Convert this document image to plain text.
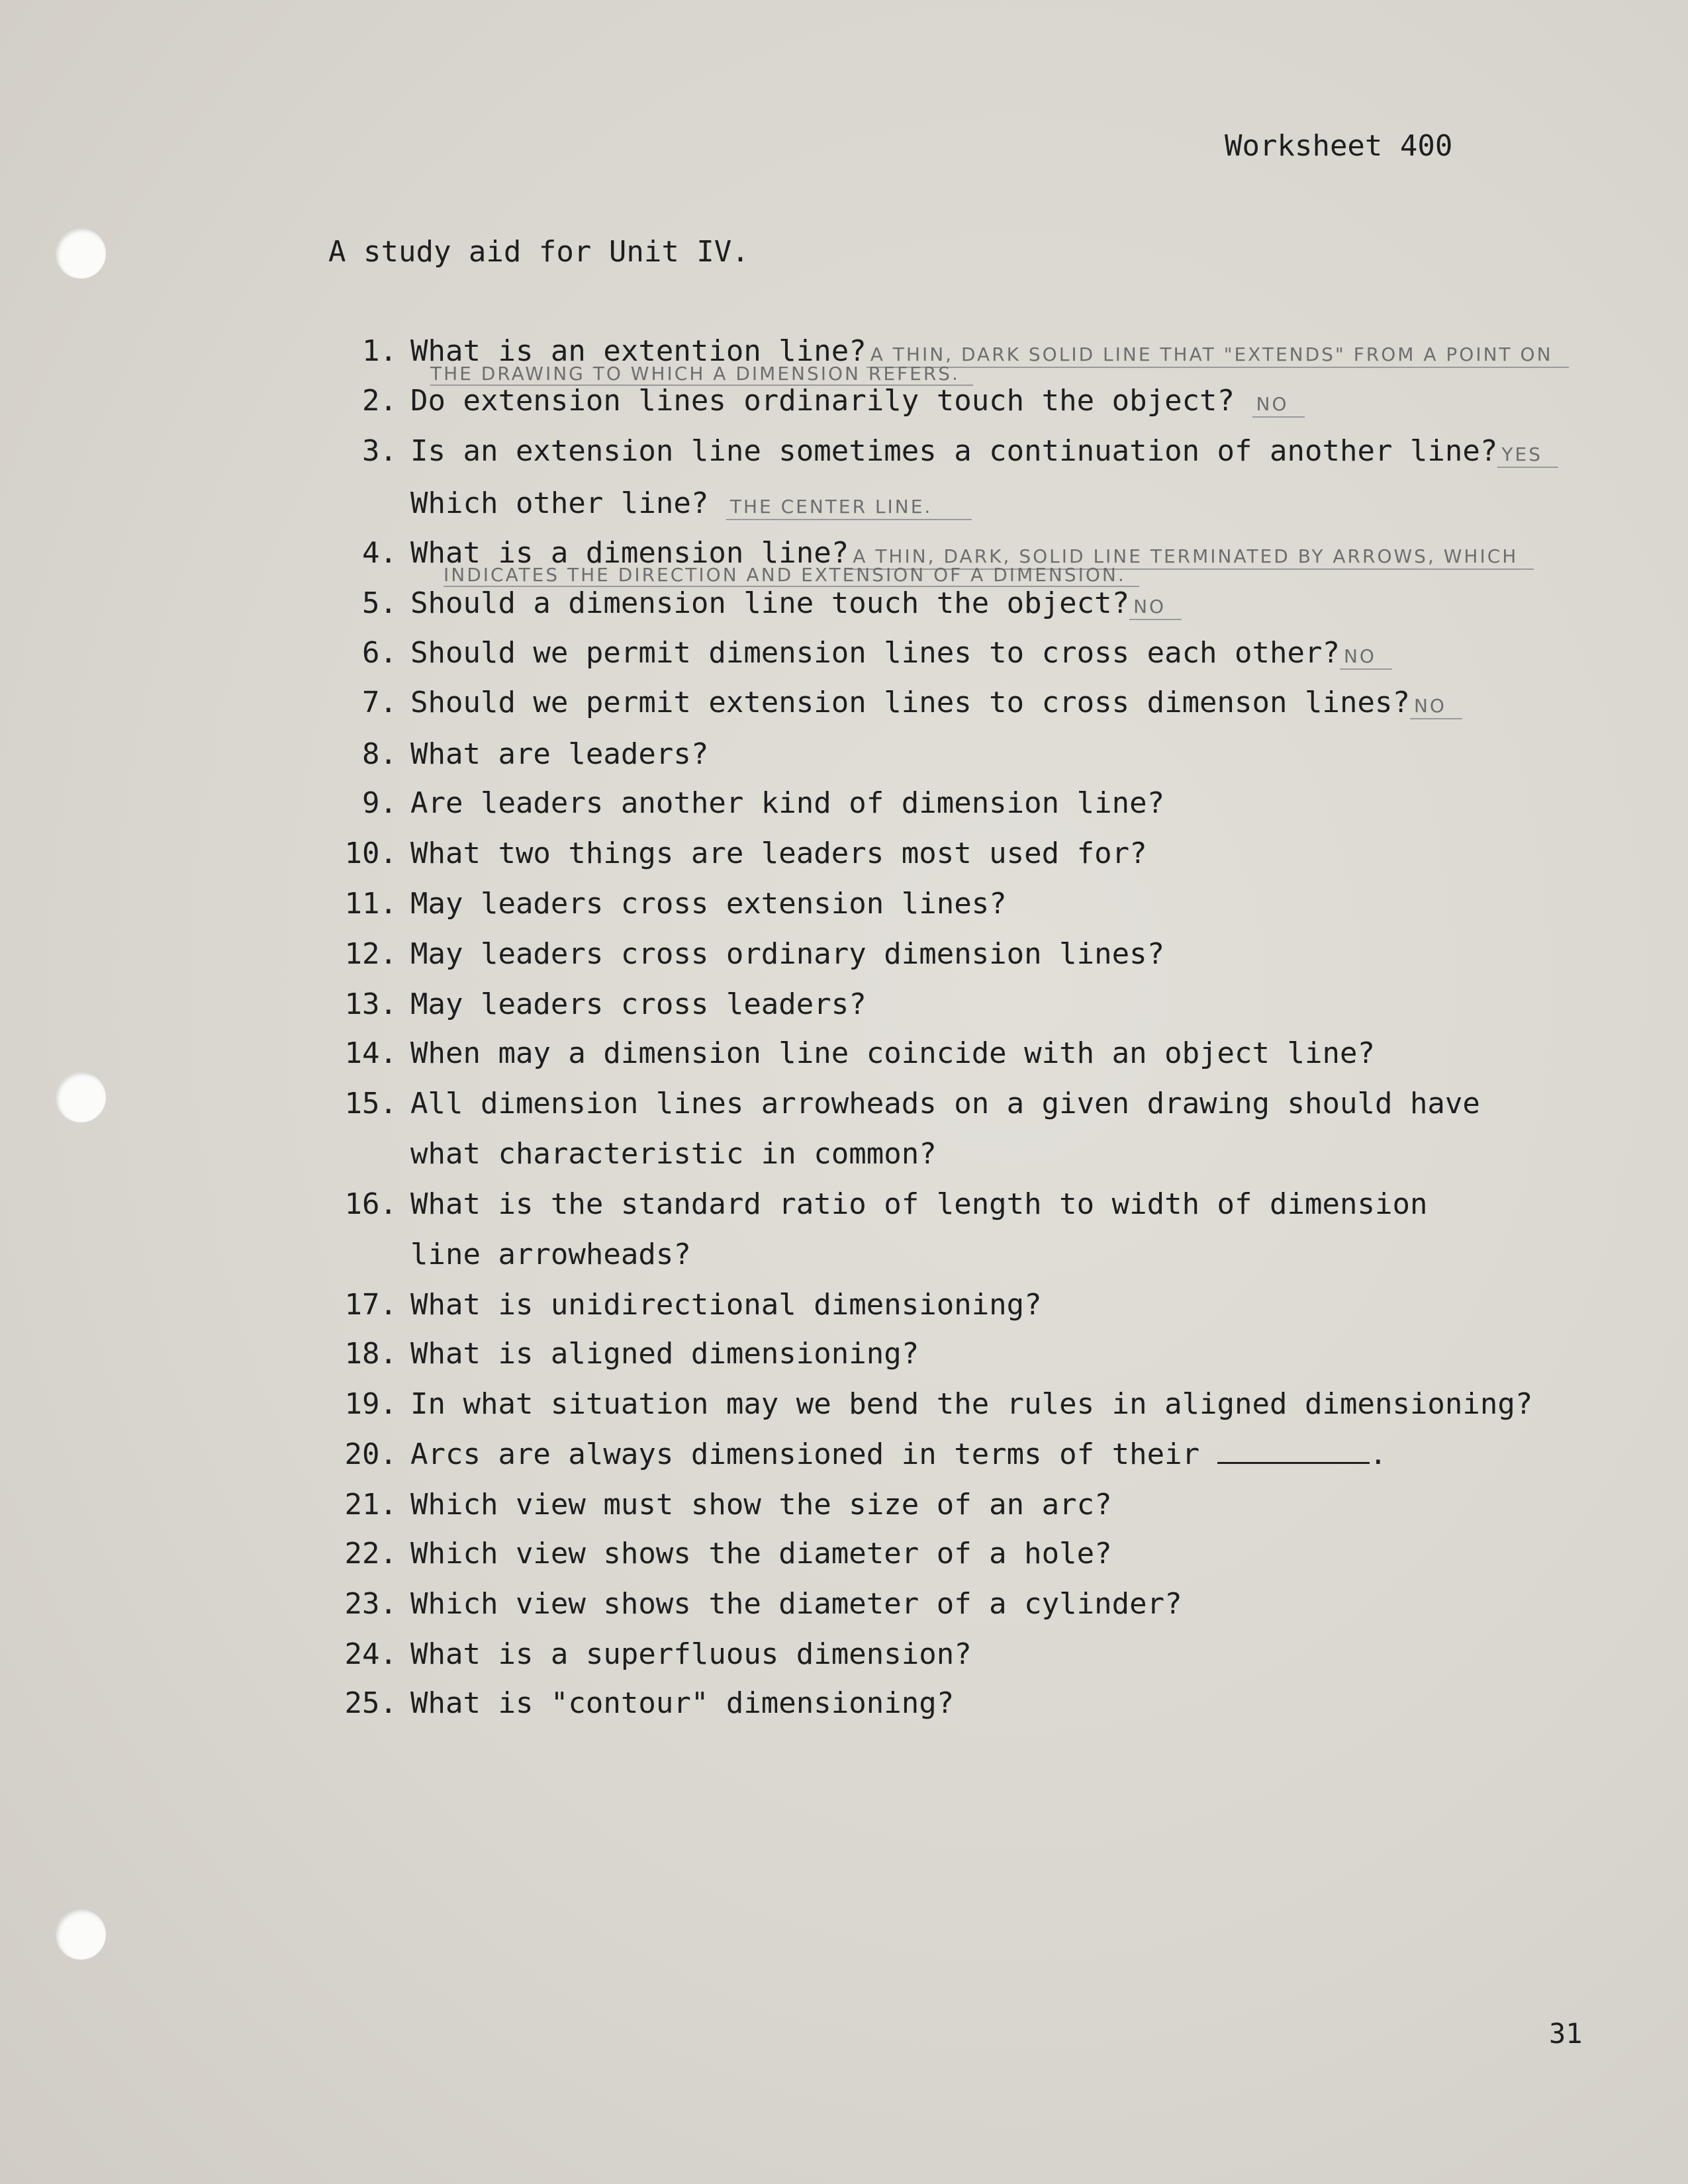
Worksheet 400
A study aid for Unit IV.
1. What is an extention line? A THIN, DARK SOLID LINE THAT "EXTENDS" FROM A POINT ON
THE DRAWING TO WHICH A DIMENSION REFERS.
2. Do extension lines ordinarily touch the object? NO
3. Is an extension line sometimes a continuation of another line? YES
Which other line? THE CENTER LINE.
4. What is a dimension line? A THIN, DARK, SOLID LINE TERMINATED BY ARROWS, WHICH
INDICATES THE DIRECTION AND EXTENSION OF A DIMENSION.
5. Should a dimension line touch the object? NO
6. Should we permit dimension lines to cross each other? NO
7. Should we permit extension lines to cross dimenson lines? NO
8. What are leaders?
9. Are leaders another kind of dimension line?
10. What two things are leaders most used for?
11. May leaders cross extension lines?
12. May leaders cross ordinary dimension lines?
13. May leaders cross leaders?
14. When may a dimension line coincide with an object line?
15. All dimension lines arrowheads on a given drawing should have
what characteristic in common?
16. What is the standard ratio of length to width of dimension
line arrowheads?
17. What is unidirectional dimensioning?
18. What is aligned dimensioning?
19. In what situation may we bend the rules in aligned dimensioning?
20. Arcs are always dimensioned in terms of their	.
21. Which view must show the size of an arc?
22. Which view shows the diameter of a hole?
23. Which view shows the diameter of a cylinder?
24. What is a superfluous dimension?
25. What is "contour" dimensioning?
31
